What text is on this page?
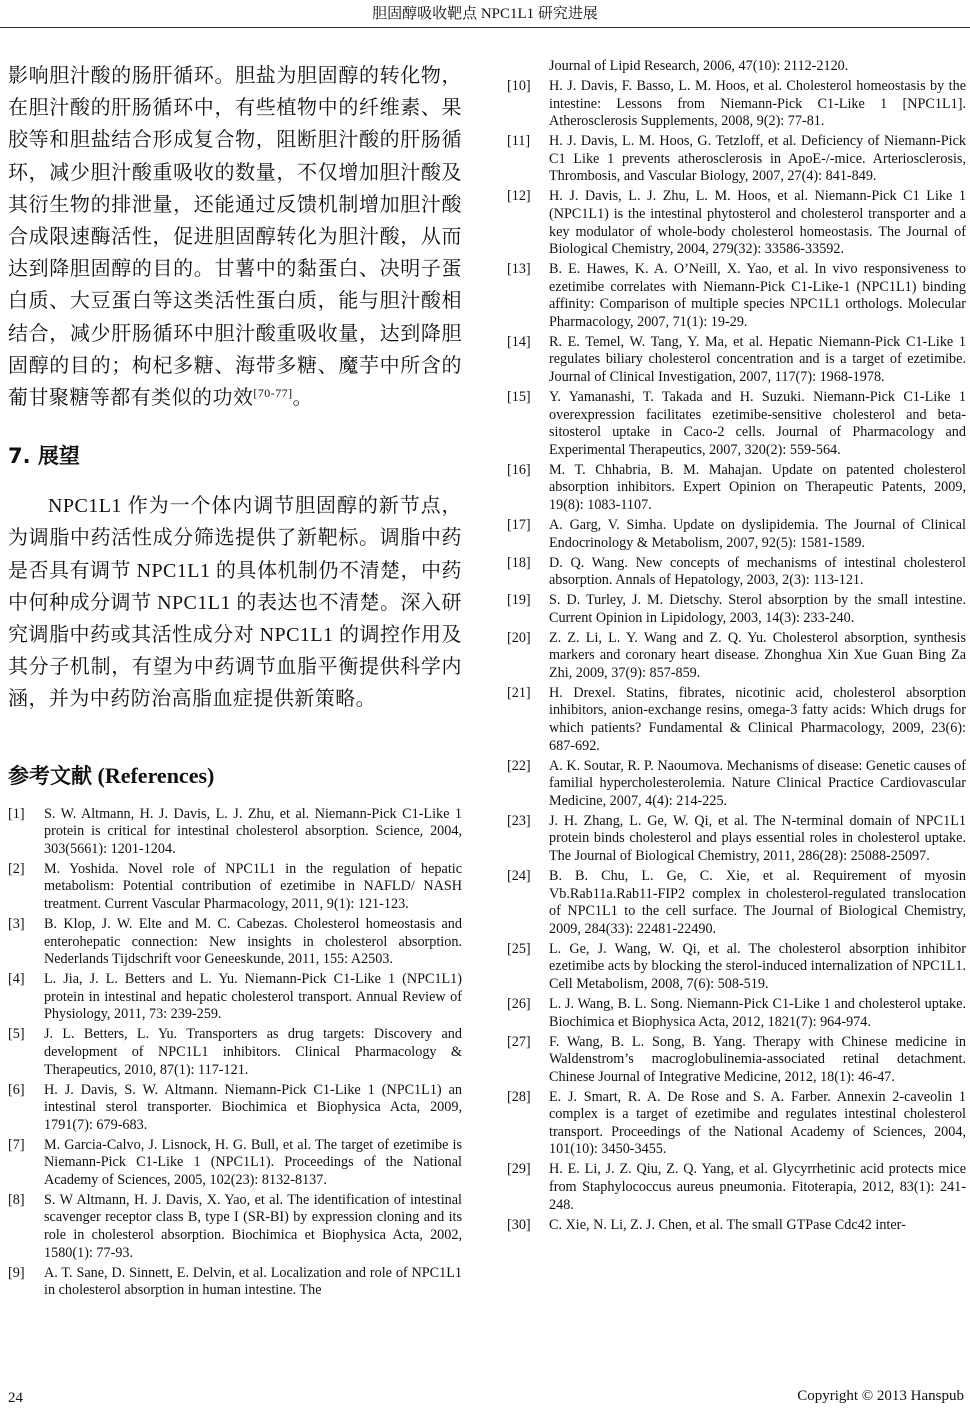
胆固醇吸收靶点 NPC1L1 研究进展

影响胆汁酸的肠肝循环。胆盐为胆固醇的转化物，在胆汁酸的肝肠循环中，有些植物中的纤维素、果胶等和胆盐结合形成复合物，阻断胆汁酸的肝肠循环，减少胆汁酸重吸收的数量，不仅增加胆汁酸及其衍生物的排泄量，还能通过反馈机制增加胆汁酸合成限速酶活性，促进胆固醇转化为胆汁酸，从而达到降胆固醇的目的。甘薯中的黏蛋白、决明子蛋白质、大豆蛋白等这类活性蛋白质，能与胆汁酸相结合，减少肝肠循环中胆汁酸重吸收量，达到降胆固醇的目的；枸杞多糖、海带多糖、魔芋中所含的葡甘聚糖等都有类似的功效[70-77]。

7. 展望

NPC1L1 作为一个体内调节胆固醇的新节点，为调脂中药活性成分筛选提供了新靶标。调脂中药是否具有调节 NPC1L1 的具体机制仍不清楚，中药中何种成分调节 NPC1L1 的表达也不清楚。深入研究调脂中药或其活性成分对 NPC1L1 的调控作用及其分子机制，有望为中药调节血脂平衡提供科学内涵，并为中药防治高脂血症提供新策略。

参考文献 (References)
[1]	S. W. Altmann, H. J. Davis, L. J. Zhu, et al. Niemann-Pick C1-Like 1 protein is critical for intestinal cholesterol absorption. Science, 2004, 303(5661): 1201-1204.
[2]	M. Yoshida. Novel role of NPC1L1 in the regulation of hepatic metabolism: Potential contribution of ezetimibe in NAFLD/ NASH treatment. Current Vascular Pharmacology, 2011, 9(1): 121-123.
[3]	B. Klop, J. W. Elte and M. C. Cabezas. Cholesterol homeostasis and enterohepatic connection: New insights in cholesterol absorption. Nederlands Tijdschrift voor Geneeskunde, 2011, 155: A2503.
[4]	L. Jia, J. L. Betters and L. Yu. Niemann-Pick C1-Like 1 (NPC1L1) protein in intestinal and hepatic cholesterol transport. Annual Review of Physiology, 2011, 73: 239-259.
[5]	J. L. Betters, L. Yu. Transporters as drug targets: Discovery and development of NPC1L1 inhibitors. Clinical Pharmacology & Therapeutics, 2010, 87(1): 117-121.
[6]	H. J. Davis, S. W. Altmann. Niemann-Pick C1-Like 1 (NPC1L1) an intestinal sterol transporter. Biochimica et Biophysica Acta, 2009, 1791(7): 679-683.
[7]	M. Garcia-Calvo, J. Lisnock, H. G. Bull, et al. The target of ezetimibe is Niemann-Pick C1-Like 1 (NPC1L1). Proceedings of the National Academy of Sciences, 2005, 102(23): 8132-8137.
[8]	S. W Altmann, H. J. Davis, X. Yao, et al. The identification of intestinal scavenger receptor class B, type I (SR-BI) by expression cloning and its role in cholesterol absorption. Biochimica et Biophysica Acta, 2002, 1580(1): 77-93.
[9]	A. T. Sane, D. Sinnett, E. Delvin, et al. Localization and role of NPC1L1 in cholesterol absorption in human intestine. The
Journal of Lipid Research, 2006, 47(10): 2112-2120.
[10]	H. J. Davis, F. Basso, L. M. Hoos, et al. Cholesterol homeostasis by the intestine: Lessons from Niemann-Pick C1-Like 1 [NPC1L1]. Atherosclerosis Supplements, 2008, 9(2): 77-81.
[11]	H. J. Davis, L. M. Hoos, G. Tetzloff, et al. Deficiency of Niemann-Pick C1 Like 1 prevents atherosclerosis in ApoE-/-mice. Arteriosclerosis, Thrombosis, and Vascular Biology, 2007, 27(4): 841-849.
[12]	H. J. Davis, L. J. Zhu, L. M. Hoos, et al. Niemann-Pick C1 Like 1 (NPC1L1) is the intestinal phytosterol and cholesterol transporter and a key modulator of whole-body cholesterol homeostasis. The Journal of Biological Chemistry, 2004, 279(32): 33586-33592.
[13]	B. E. Hawes, K. A. O’Neill, X. Yao, et al. In vivo responsiveness to ezetimibe correlates with Niemann-Pick C1-Like-1 (NPC1L1) binding affinity: Comparison of multiple species NPC1L1 orthologs. Molecular Pharmacology, 2007, 71(1): 19-29.
[14]	R. E. Temel, W. Tang, Y. Ma, et al. Hepatic Niemann-Pick C1-Like 1 regulates biliary cholesterol concentration and is a target of ezetimibe. Journal of Clinical Investigation, 2007, 117(7): 1968-1978.
[15]	Y. Yamanashi, T. Takada and H. Suzuki. Niemann-Pick C1-Like 1 overexpression facilitates ezetimibe-sensitive cholesterol and beta-sitosterol uptake in Caco-2 cells. Journal of Pharmacology and Experimental Therapeutics, 2007, 320(2): 559-564.
[16]	M. T. Chhabria, B. M. Mahajan. Update on patented cholesterol absorption inhibitors. Expert Opinion on Therapeutic Patents, 2009, 19(8): 1083-1107.
[17]	A. Garg, V. Simha. Update on dyslipidemia. The Journal of Clinical Endocrinology & Metabolism, 2007, 92(5): 1581-1589.
[18]	D. Q. Wang. New concepts of mechanisms of intestinal cholesterol absorption. Annals of Hepatology, 2003, 2(3): 113-121.
[19]	S. D. Turley, J. M. Dietschy. Sterol absorption by the small intestine. Current Opinion in Lipidology, 2003, 14(3): 233-240.
[20]	Z. Z. Li, L. Y. Wang and Z. Q. Yu. Cholesterol absorption, synthesis markers and coronary heart disease. Zhonghua Xin Xue Guan Bing Za Zhi, 2009, 37(9): 857-859.
[21]	H. Drexel. Statins, fibrates, nicotinic acid, cholesterol absorption inhibitors, anion-exchange resins, omega-3 fatty acids: Which drugs for which patients? Fundamental & Clinical Pharmacology, 2009, 23(6): 687-692.
[22]	A. K. Soutar, R. P. Naoumova. Mechanisms of disease: Genetic causes of familial hypercholesterolemia. Nature Clinical Practice Cardiovascular Medicine, 2007, 4(4): 214-225.
[23]	J. H. Zhang, L. Ge, W. Qi, et al. The N-terminal domain of NPC1L1 protein binds cholesterol and plays essential roles in cholesterol uptake. The Journal of Biological Chemistry, 2011, 286(28): 25088-25097.
[24]	B. B. Chu, L. Ge, C. Xie, et al. Requirement of myosin Vb.Rab11a.Rab11-FIP2 complex in cholesterol-regulated translocation of NPC1L1 to the cell surface. The Journal of Biological Chemistry, 2009, 284(33): 22481-22490.
[25]	L. Ge, J. Wang, W. Qi, et al. The cholesterol absorption inhibitor ezetimibe acts by blocking the sterol-induced internalization of NPC1L1. Cell Metabolism, 2008, 7(6): 508-519.
[26]	L. J. Wang, B. L. Song. Niemann-Pick C1-Like 1 and cholesterol uptake. Biochimica et Biophysica Acta, 2012, 1821(7): 964-974.
[27]	F. Wang, B. L. Song, B. Yang. Therapy with Chinese medicine in Waldenstrom’s macroglobulinemia-associated retinal detachment. Chinese Journal of Integrative Medicine, 2012, 18(1): 46-47.
[28]	E. J. Smart, R. A. De Rose and S. A. Farber. Annexin 2-caveolin 1 complex is a target of ezetimibe and regulates intestinal cholesterol transport. Proceedings of the National Academy of Sciences, 2004, 101(10): 3450-3455.
[29]	H. E. Li, J. Z. Qiu, Z. Q. Yang, et al. Glycyrrhetinic acid protects mice from Staphylococcus aureus pneumonia. Fitoterapia, 2012, 83(1): 241-248.
[30]	C. Xie, N. Li, Z. J. Chen, et al. The small GTPase Cdc42 inter-
24	Copyright © 2013 Hanspub
